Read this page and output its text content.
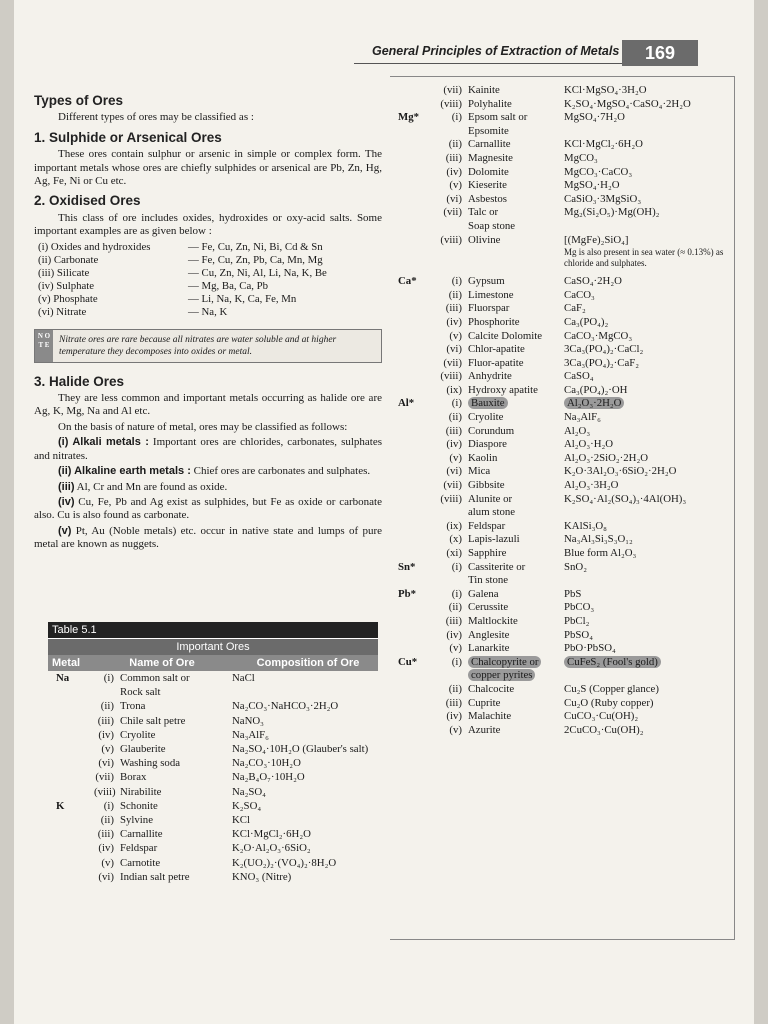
General Principles of Extraction of Metals	169
Types of Ores

Different types of ores may be classified as :

1. Sulphide or Arsenical Ores

These ores contain sulphur or arsenic in simple or complex form. The important metals whose ores are chiefly sulphides or arsenical are Pb, Zn, Hg, Ag, Fe, Ni or Cu etc.

2. Oxidised Ores

This class of ore includes oxides, hydroxides or oxy-acid salts. Some important examples are as given below :

(i) Oxides and hydroxides	— Fe, Cu, Zn, Ni, Bi, Cd & Sn
(ii) Carbonate	— Fe, Cu, Zn, Pb, Ca, Mn, Mg
(iii) Silicate	— Cu, Zn, Ni, Al, Li, Na, K, Be
(iv) Sulphate	— Mg, Ba, Ca, Pb
(v) Phosphate	— Li, Na, K, Ca, Fe, Mn
(vi) Nitrate	— Na, K
N O T E	Nitrate ores are rare because all nitrates are water soluble and at higher temperature they decomposes into oxides or metal.
3. Halide Ores

They are less common and important metals occurring as halide ore are Ag, K, Mg, Na and Al etc.

On the basis of nature of metal, ores may be classified as follows:

(i) Alkali metals : Important ores are chlorides, carbonates, sulphates and nitrates.

(ii) Alkaline earth metals : Chief ores are carbonates and sulphates.

(iii) Al, Cr and Mn are found as oxide.

(iv) Cu, Fe, Pb and Ag exist as sulphides, but Fe as oxide or carbonate also. Cu is also found as carbonate.

(v) Pt, Au (Noble metals) etc. occur in native state and lumps of pure metal are known as nuggets.

Table 5.1
Important Ores
Metal	Name of Ore	Composition of Ore
Na	(i) Common salt or	NaCl
Rock salt
(ii) Trona	Na₂CO₃·NaHCO₃·2H₂O
(iii) Chile salt petre	NaNO₃
(iv) Cryolite	Na₃AlF₆
(v) Glauberite	Na₂SO₄·10H₂O (Glauber's salt)
(vi) Washing soda	Na₂CO₃·10H₂O
(vii) Borax	Na₂B₄O₇·10H₂O
(viii) Nirabilite	Na₂SO₄
K	(i) Schonite	K₂SO₄
(ii) Sylvine	KCl
(iii) Carnallite	KCl·MgCl₂·6H₂O
(iv) Feldspar	K₂O·Al₂O₃·6SiO₂
(v) Carnotite	K₂(UO₂)₂·(VO₄)₂·8H₂O
(vi) Indian salt petre	KNO₃ (Nitre)
(vii) Kainite	KCl·MgSO₄·3H₂O
(viii) Polyhalite	K₂SO₄·MgSO₄·CaSO₄·2H₂O
Mg*	(i) Epsom salt or	MgSO₄·7H₂O
Epsomite
(ii) Carnallite	KCl·MgCl₂·6H₂O
(iii) Magnesite	MgCO₃
(iv) Dolomite	MgCO₃·CaCO₃
(v) Kieserite	MgSO₄·H₂O
(vi) Asbestos	CaSiO₃·3MgSiO₃
(vii) Talc or	Mg₂(Si₂O₅)·Mg(OH)₂
Soap stone
(viii) Olivine	[(MgFe)₂SiO₄]
Mg is also present in sea water (≈ 0.13%) as chloride and sulphates.
Ca*	(i) Gypsum	CaSO₄·2H₂O
(ii) Limestone	CaCO₃
(iii) Fluorspar	CaF₂
(iv) Phosphorite	Ca₃(PO₄)₂
(v) Calcite Dolomite	CaCO₃·MgCO₃
(vi) Chlor-apatite	3Ca₃(PO₄)₂·CaCl₂
(vii) Fluor-apatite	3Ca₃(PO₄)₂·CaF₂
(viii) Anhydrite	CaSO₄
(ix) Hydroxy apatite	Ca₃(PO₄)₂·OH
Al*	(i) Bauxite	Al₂O₃·2H₂O
(ii) Cryolite	Na₃AlF₆
(iii) Corundum	Al₂O₃
(iv) Diaspore	Al₂O₃·H₂O
(v) Kaolin	Al₂O₃·2SiO₂·2H₂O
(vi) Mica	K₂O·3Al₂O₃·6SiO₂·2H₂O
(vii) Gibbsite	Al₂O₃·3H₂O
(viii) Alunite or	K₂SO₄·Al₂(SO₄)₃·4Al(OH)₃
alum stone
(ix) Feldspar	KAlSi₃O₈
(x) Lapis-lazuli	Na₃Al₃Si₃S₃O₁₂
(xi) Sapphire	Blue form Al₂O₃
Sn*	(i) Cassiterite or	SnO₂
Tin stone
Pb*	(i) Galena	PbS
(ii) Cerussite	PbCO₃
(iii) Maltlockite	PbCl₂
(iv) Anglesite	PbSO₄
(v) Lanarkite	PbO·PbSO₄
Cu*	(i) Chalcopyrite or	CuFeS₂ (Fool's gold)
copper pyrites
(ii) Chalcocite	Cu₂S (Copper glance)
(iii) Cuprite	Cu₂O (Ruby copper)
(iv) Malachite	CuCO₃·Cu(OH)₂
(v) Azurite	2CuCO₃·Cu(OH)₂
